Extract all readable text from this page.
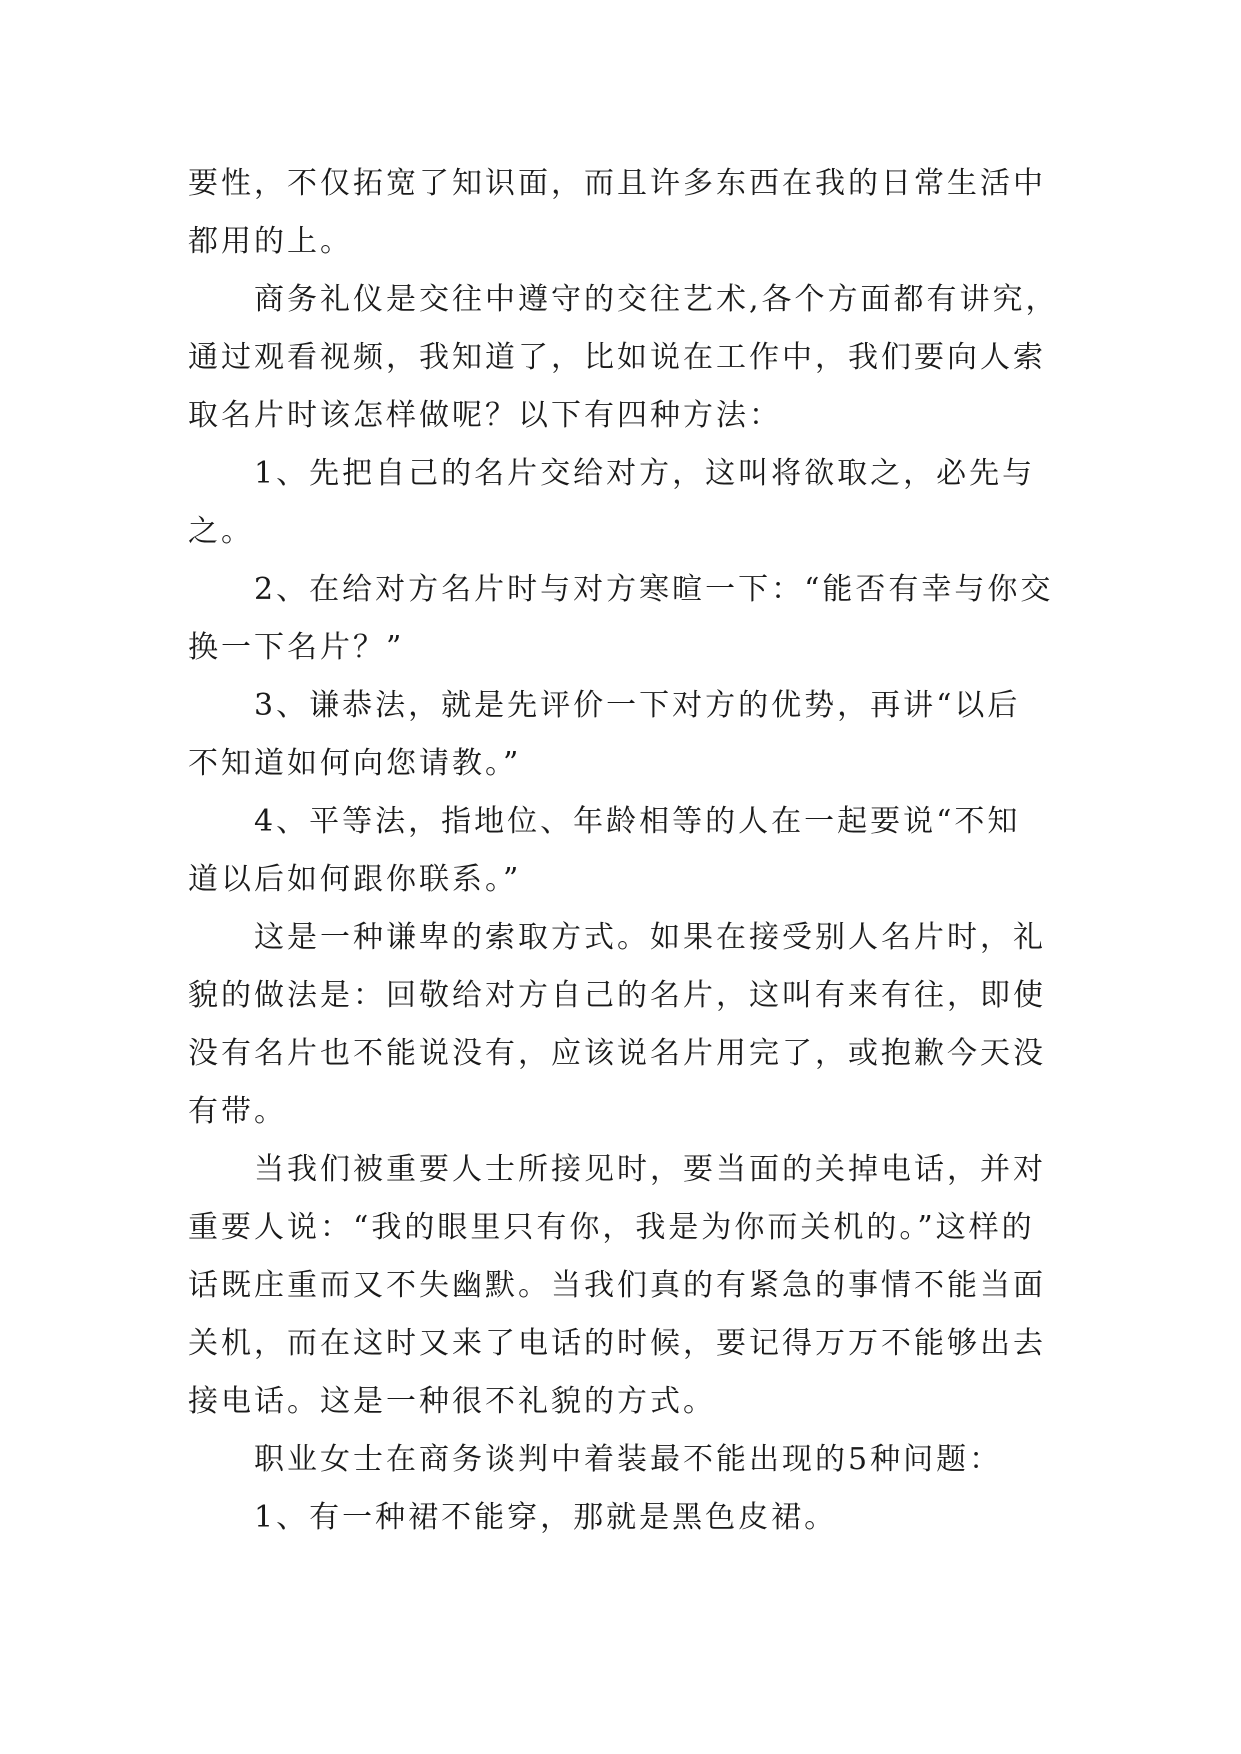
要性，不仅拓宽了知识面，而且许多东西在我的日常生活中
都用的上。
商务礼仪是交往中遵守的交往艺术,各个方面都有讲究，
通过观看视频，我知道了，比如说在工作中，我们要向人索
取名片时该怎样做呢？以下有四种方法：
1、先把自己的名片交给对方，这叫将欲取之，必先与
之。
2、在给对方名片时与对方寒暄一下：“能否有幸与你交
换一下名片？”
3、谦恭法，就是先评价一下对方的优势，再讲“以后
不知道如何向您请教。”
4、平等法，指地位、年龄相等的人在一起要说“不知
道以后如何跟你联系。”
这是一种谦卑的索取方式。如果在接受别人名片时，礼
貌的做法是：回敬给对方自己的名片，这叫有来有往，即使
没有名片也不能说没有，应该说名片用完了，或抱歉今天没
有带。
当我们被重要人士所接见时，要当面的关掉电话，并对
重要人说：“我的眼里只有你，我是为你而关机的。”这样的
话既庄重而又不失幽默。当我们真的有紧急的事情不能当面
关机，而在这时又来了电话的时候，要记得万万不能够出去
接电话。这是一种很不礼貌的方式。
职业女士在商务谈判中着装最不能出现的5种问题：
1、有一种裙不能穿，那就是黑色皮裙。
